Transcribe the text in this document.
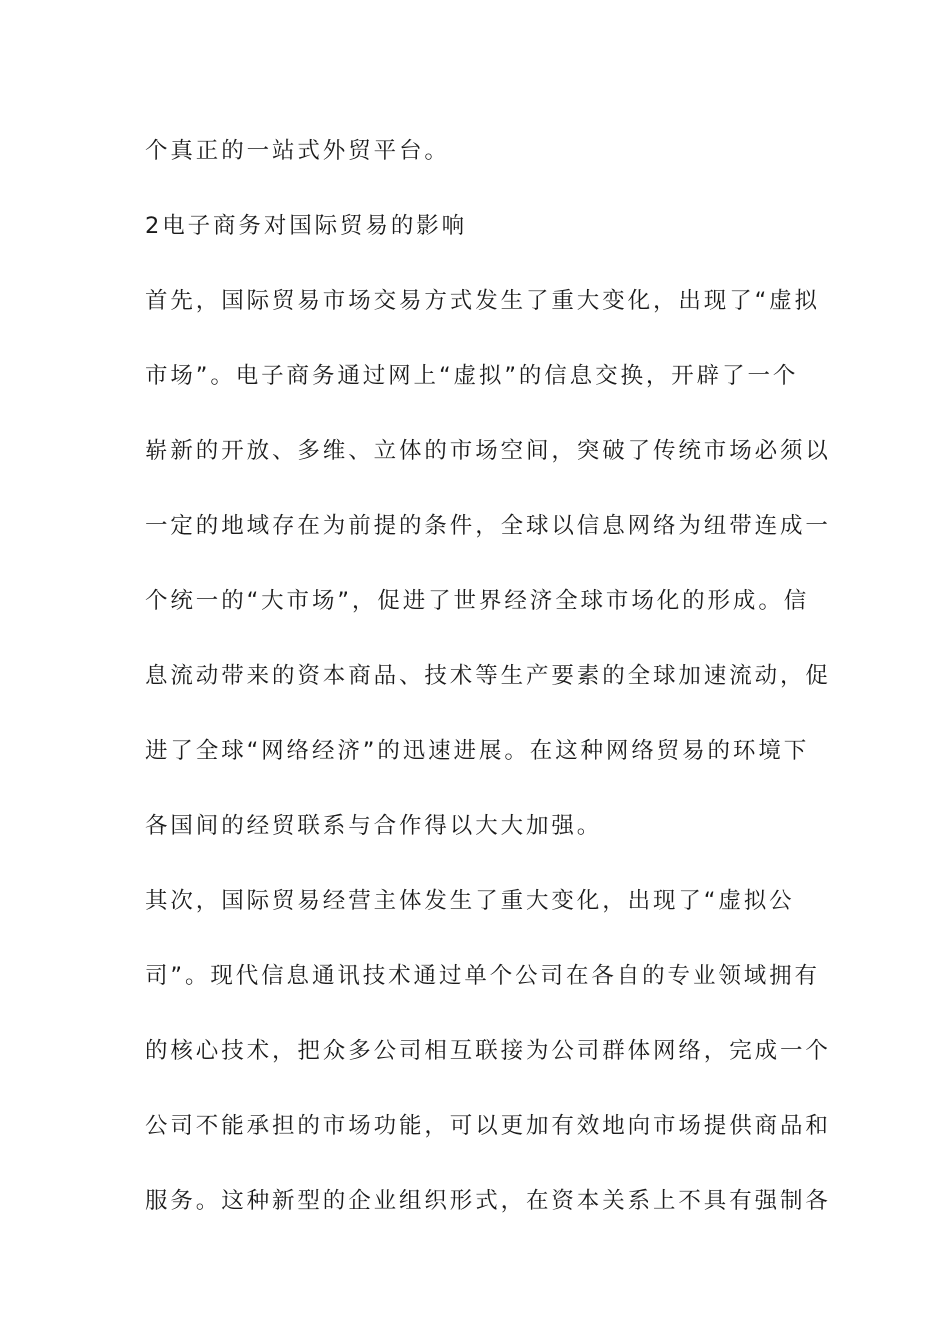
个真正的一站式外贸平台。
2电子商务对国际贸易的影响
首先，国际贸易市场交易方式发生了重大变化，出现了“虚拟
市场”。电子商务通过网上“虚拟”的信息交换，开辟了一个
崭新的开放、多维、立体的市场空间，突破了传统市场必须以
一定的地域存在为前提的条件，全球以信息网络为纽带连成一
个统一的“大市场”，促进了世界经济全球市场化的形成。信
息流动带来的资本商品、技术等生产要素的全球加速流动，促
进了全球“网络经济”的迅速进展。在这种网络贸易的环境下
各国间的经贸联系与合作得以大大加强。
其次，国际贸易经营主体发生了重大变化，出现了“虚拟公
司”。现代信息通讯技术通过单个公司在各自的专业领域拥有
的核心技术，把众多公司相互联接为公司群体网络，完成一个
公司不能承担的市场功能，可以更加有效地向市场提供商品和
服务。这种新型的企业组织形式，在资本关系上不具有强制各
